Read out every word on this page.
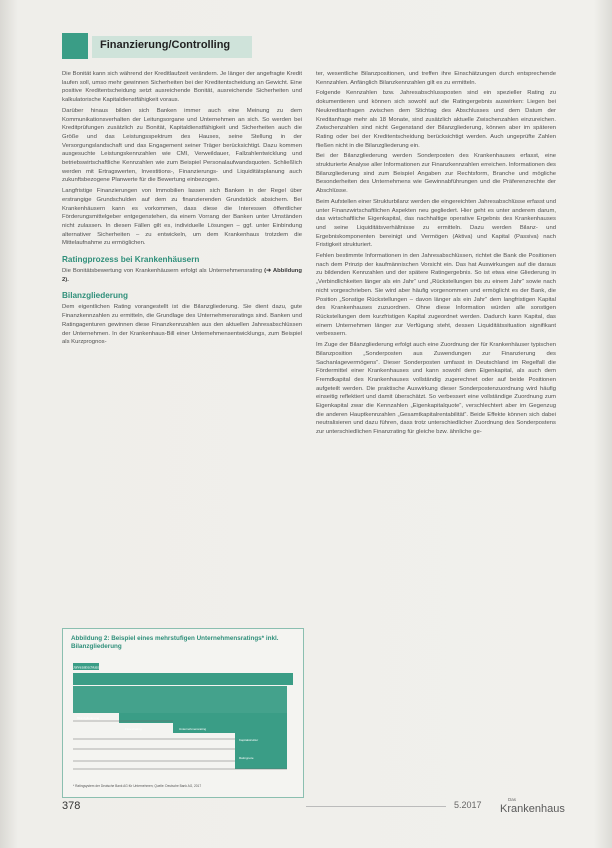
Finanzierung/Controlling

Die Bonität kann sich während der Kreditlaufzeit verändern. Je länger der angefragte Kredit laufen soll, umso mehr gewinnen Sicherheiten bei der Kreditentscheidung an Gewicht. Eine positive Kreditentscheidung setzt ausreichende Bonität, ausreichende Sicherheiten und kalkulatorische Kapitaldienstfähigkeit voraus.

Darüber hinaus bilden sich Banken immer auch eine Meinung zu dem Kommunikationsverhalten der Leitungsorgane und Unternehmen an sich. So werden bei Kreditprüfungen zusätzlich zu Bonität, Kapitaldienstfähigkeit und Sicherheiten auch die Größe und das Leistungsspektrum des Hauses, seine Stellung in der Versorgungslandschaft und das Engagement seiner Träger berücksichtigt. Dazu kommen ausgesuchte Leistungskennzahlen wie CMI, Verweildauer, Fallzahlentwicklung und betriebswirtschaftliche Kennzahlen wie zum Beispiel Personalaufwandsquoten. Schließlich werden mit Ertragswerten, Investitions-, Finanzierungs- und Liquiditätsplanung auch zukunftsbezogene Planwerte für die Bewertung einbezogen.

Langfristige Finanzierungen von Immobilien lassen sich Banken in der Regel über erstrangige Grundschulden auf dem zu finanzierenden Grundstück absichern. Bei Krankenhäusern kann es vorkommen, dass diese die Interessen öffentlicher Förderungsmittelgeber entgegenstehen, da einem Vorrang der Banken unter Umständen nicht zulassen. In diesen Fällen gilt es, individuelle Lösungen – ggf. unter Einbindung alternativer Sicherheiten – zu entwickeln, um dem Krankenhaus trotzdem die Mittelaufnahme zu ermöglichen.

Ratingprozess bei Krankenhäusern

Die Bonitätsbewertung von Krankenhäusern erfolgt als Unternehmensrating (➜ Abbildung 2).

Bilanzgliederung

Dem eigentlichen Rating vorangestellt ist die Bilanzgliederung. Sie dient dazu, gute Finanzkennzahlen zu ermitteln, die Grundlage des Unternehmensratings sind. Banken und Ratingagenturen gewinnen diese Finanzkennzahlen aus den aktuellen Jahresabschlüssen der Unternehmen. In der Krankenhaus-Bill einer Unternehmensentwicklungs, zum Beispiel als Kurzprognos-

Abbildung 2: Beispiel eines mehrstufigen Unternehmensratings* inkl. Bilanzgliederung
Jahresabschluss
Bilanzgliederung
Finanzrating	Unternehmensrating
Kapitalstruktur
Ratingnote
* Ratingsystem der Deutsche Bank AG für Unternehmen; Quelle: Deutsche Bank AG, 2017

ter, wesentliche Bilanzpositionen, und treffen ihre Einschätzungen durch entsprechende Kennzahlen. Anfänglich Bilanzkennzahlen gilt es zu ermitteln.

Folgende Kennzahlen bzw. Jahresabschlussposten sind ein spezieller Rating zu dokumentieren und können sich sowohl auf die Ratingergebnis auswirken: Liegen bei Neukreditanfragen zwischen dem Stichtag des Abschlusses und dem Datum der Kreditanfrage mehr als 18 Monate, sind zusätzlich aktuelle Zwischenzahlen einzureichen. Zwischenzahlen sind nicht Gegenstand der Bilanzgliederung, können aber im späteren Rating oder bei der Kreditentscheidung berücksichtigt werden. Auch ungeprüfte Zahlen fließen nicht in die Bilanzgliederung ein.

Bei der Bilanzgliederung werden Sonderposten des Krankenhauses erfasst, eine strukturierte Analyse aller Informationen zur Finanzkennzahlen erreichen. Informationen des Bilanzgliederung sind zum Beispiel Angaben zur Rechtsform, Branche und mögliche Besonderheiten des Unternehmens wie Gewinnabführungen und die Präferenzrechte der Abschlüsse.

Beim Aufstellen einer Strukturbilanz werden die eingereichten Jahresabschlüsse erfasst und unter Finanzwirtschaftlichen Aspekten neu gegliedert. Hier geht es unter anderem darum, das wirtschaftliche Eigenkapital, das nachhaltige operative Ergebnis des Krankenhauses und seine Liquiditätsverhältnisse zu ermitteln. Dazu werden Bilanz- und Ergebniskomponenten bereinigt und Vermögen (Aktiva) und Kapital (Passiva) nach Fristigkeit strukturiert.

Fehlen bestimmte Informationen in den Jahresabschlüssen, richtet die Bank die Positionen nach dem Prinzip der kaufmännischen Vorsicht ein. Das hat Auswirkungen auf die daraus zu bildenden Kennzahlen und der spätere Ratingergebnis. So ist etwa eine Gliederung in „Verbindlichkeiten länger als ein Jahr“ und „Rückstellungen bis zu einem Jahr“ sowie nach nicht vorgeschrieben. Sie wird aber häufig vorgenommen und ermöglicht es der Bank, die Position „Sonstige Rückstellungen – davon länger als ein Jahr“ dem langfristigen Kapital des Krankenhauses zuzuordnen. Ohne diese Information würden alle sonstigen Rückstellungen dem kurzfristigen Kapital zugeordnet werden. Dadurch kann Kapital, das einem Unternehmen länger zur Verfügung steht, dessen Liquiditätssituation signifikant verbessern.

Im Zuge der Bilanzgliederung erfolgt auch eine Zuordnung der für Krankenhäuser typischen Bilanzposition „Sonderposten aus Zuwendungen zur Finanzierung des Sachanlagevermögens“. Dieser Sonderposten umfasst in Deutschland im Regelfall die Fördermittel einer Krankenhauses und kann sowohl dem Eigenkapital, als auch dem Fremdkapital des Krankenhauses vollständig zugerechnet oder auf beide Positionen aufgeteilt werden. Die praktische Auswirkung dieser Sonderpostenzuordnung wird häufig einseitig reflektiert und damit überschätzt. So verbessert eine vollständige Zuordnung zum Eigenkapital zwar die Kennzahlen „Eigenkapitalquote“, verschlechtert aber im Gegenzug die anderen Hauptkennzahlen „Gesamtkapitalrentabilität“. Beide Effekte können sich dabei neutralisieren und dazu führen, dass trotz unterschiedlicher Zuordnung des Sonderpostens zur unterschiedlichen Finanzrating für gleiche bzw. ähnliche ge-

378	5.2017
Das
Krankenhaus
